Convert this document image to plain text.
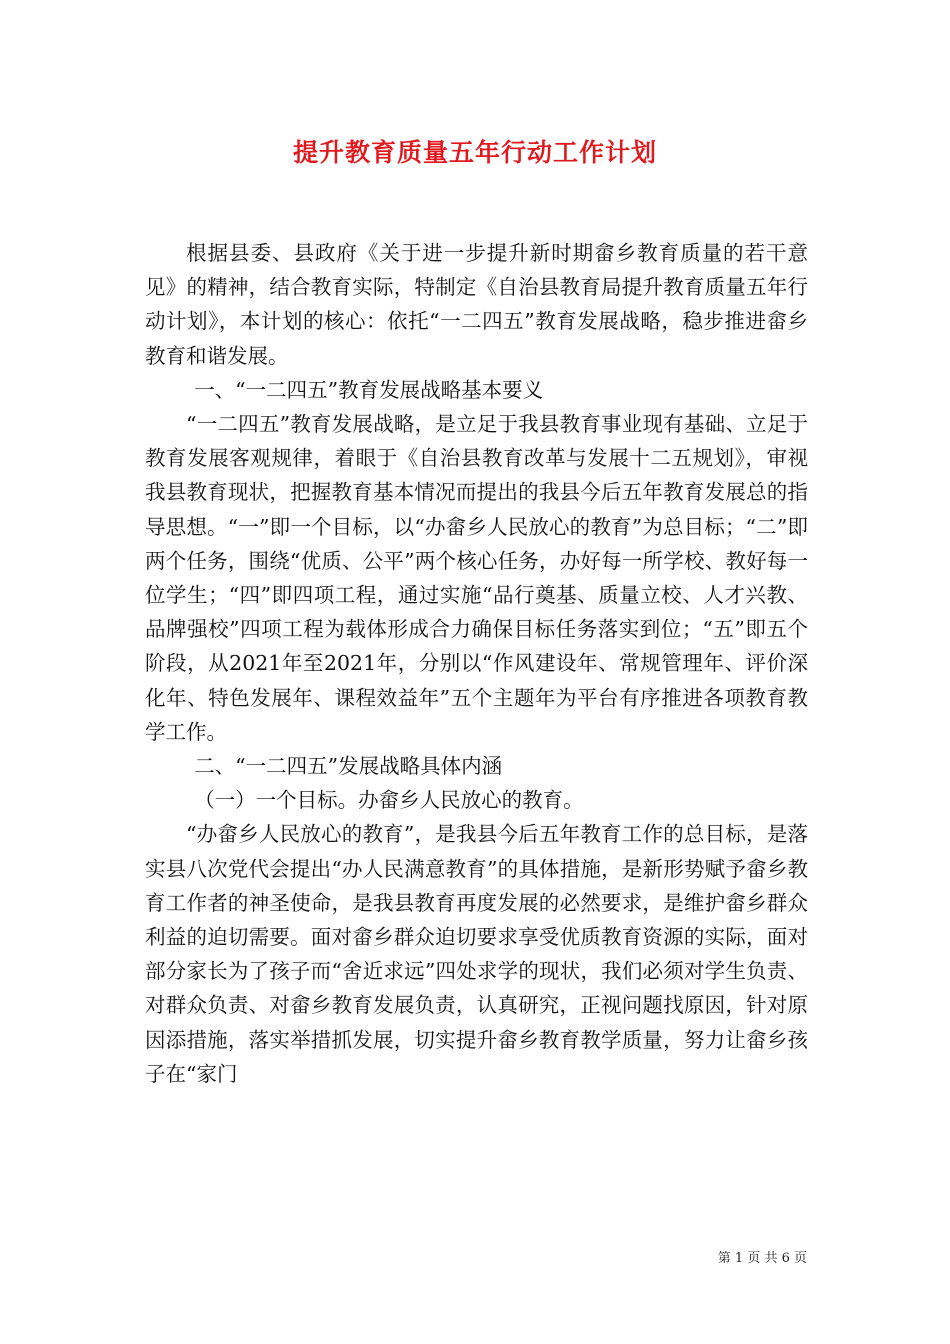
提升教育质量五年行动工作计划

根据县委、县政府《关于进一步提升新时期畲乡教育质量的若干意见》的精神，结合教育实际，特制定《自治县教育局提升教育质量五年行动计划》，本计划的核心：依托“一二四五”教育发展战略，稳步推进畲乡教育和谐发展。

一、“一二四五”教育发展战略基本要义

“一二四五”教育发展战略，是立足于我县教育事业现有基础、立足于教育发展客观规律，着眼于《自治县教育改革与发展十二五规划》，审视我县教育现状，把握教育基本情况而提出的我县今后五年教育发展总的指导思想。“一”即一个目标，以“办畲乡人民放心的教育”为总目标；“二”即两个任务，围绕“优质、公平”两个核心任务，办好每一所学校、教好每一位学生；“四”即四项工程，通过实施“品行奠基、质量立校、人才兴教、品牌强校”四项工程为载体形成合力确保目标任务落实到位；“五”即五个阶段，从2021年至2021年，分别以“作风建设年、常规管理年、评价深化年、特色发展年、课程效益年”五个主题年为平台有序推进各项教育教学工作。

二、“一二四五”发展战略具体内涵

（一）一个目标。办畲乡人民放心的教育。

“办畲乡人民放心的教育”，是我县今后五年教育工作的总目标，是落实县八次党代会提出“办人民满意教育”的具体措施，是新形势赋予畲乡教育工作者的神圣使命，是我县教育再度发展的必然要求，是维护畲乡群众利益的迫切需要。面对畲乡群众迫切要求享受优质教育资源的实际，面对部分家长为了孩子而“舍近求远”四处求学的现状，我们必须对学生负责、对群众负责、对畲乡教育发展负责，认真研究，正视问题找原因，针对原因添措施，落实举措抓发展，切实提升畲乡教育教学质量，努力让畲乡孩子在“家门

第 1 页 共 6 页
